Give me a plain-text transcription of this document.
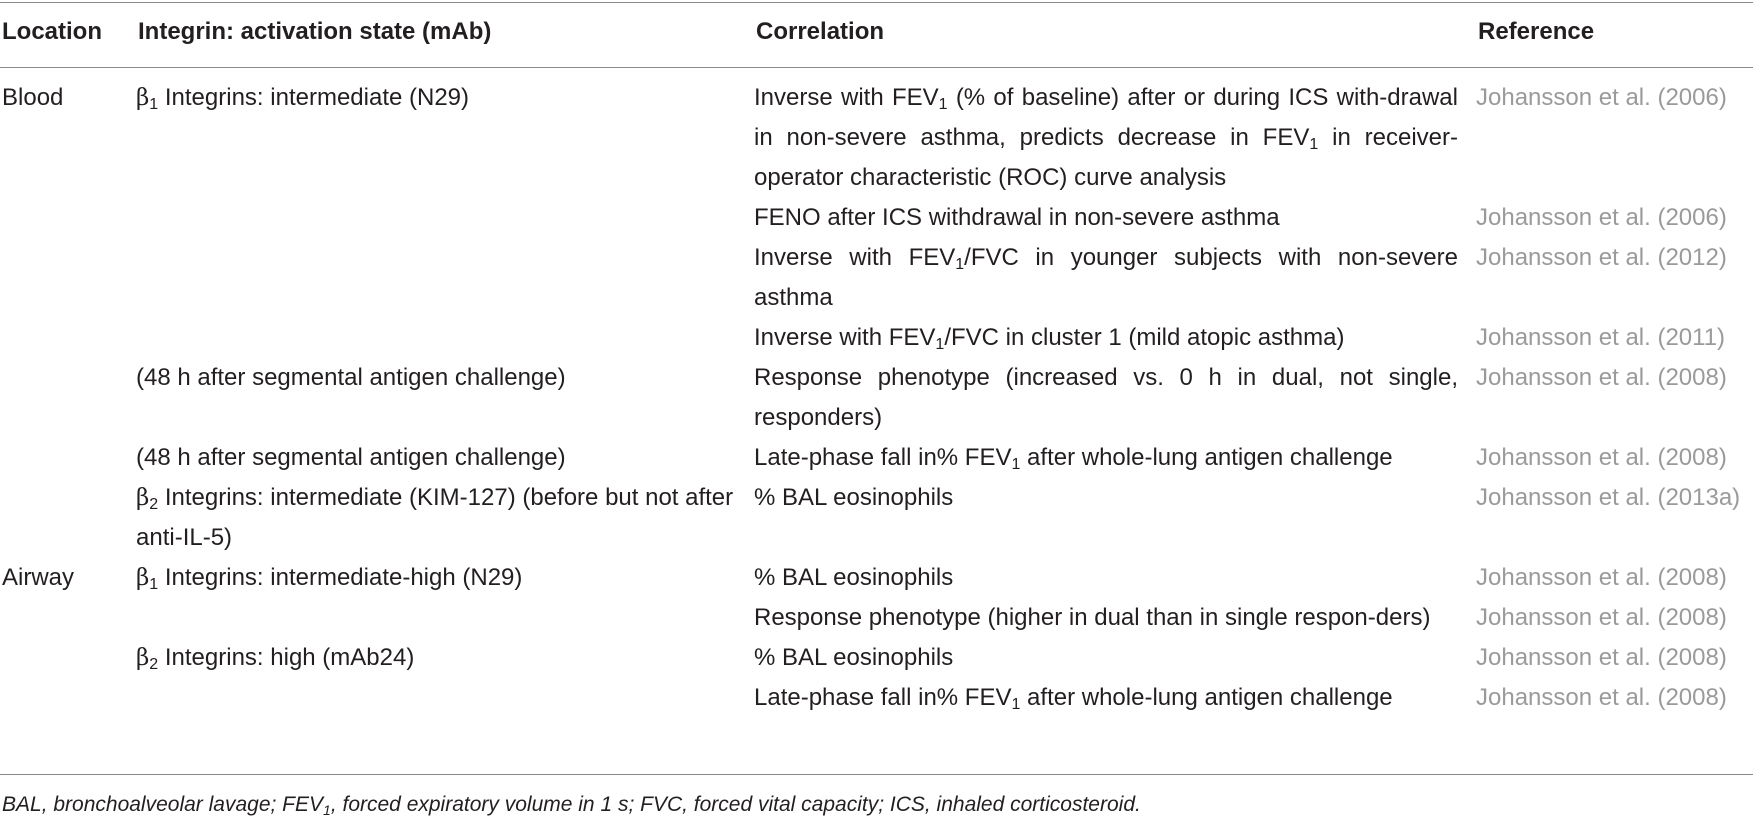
Location	Integrin: activation state (mAb)	Correlation	Reference
Blood	$\beta_1$ Integrins: intermediate (N29)	Inverse with $FEV_1$ (% of baseline) after or during ICS with-drawal in non-severe asthma, predicts decrease in $FEV_1$ in receiver-operator characteristic (ROC) curve analysis	Johansson et al. (2006)
		FENO after ICS withdrawal in non-severe asthma	Johansson et al. (2006)
		Inverse with $FEV_1$/FVC in younger subjects with non-severe asthma	Johansson et al. (2012)
		Inverse with $FEV_1$/FVC in cluster 1 (mild atopic asthma)	Johansson et al. (2011)
	(48 h after segmental antigen challenge)	Response phenotype (increased vs. 0 h in dual, not single, responders)	Johansson et al. (2008)
	(48 h after segmental antigen challenge)	Late-phase fall in% $FEV_1$ after whole-lung antigen challenge	Johansson et al. (2008)
	$\beta_2$ Integrins: intermediate (KIM-127) (before but not after anti-IL-5)	% BAL eosinophils	Johansson et al. (2013a)
Airway	$\beta_1$ Integrins: intermediate-high (N29)	% BAL eosinophils	Johansson et al. (2008)
		Response phenotype (higher in dual than in single respon-ders)	Johansson et al. (2008)
	$\beta_2$ Integrins: high (mAb24)	% BAL eosinophils	Johansson et al. (2008)
		Late-phase fall in% $FEV_1$ after whole-lung antigen challenge	Johansson et al. (2008)
BAL, bronchoalveolar lavage; $FEV_1$, forced expiratory volume in 1 s; FVC, forced vital capacity; ICS, inhaled corticosteroid.
